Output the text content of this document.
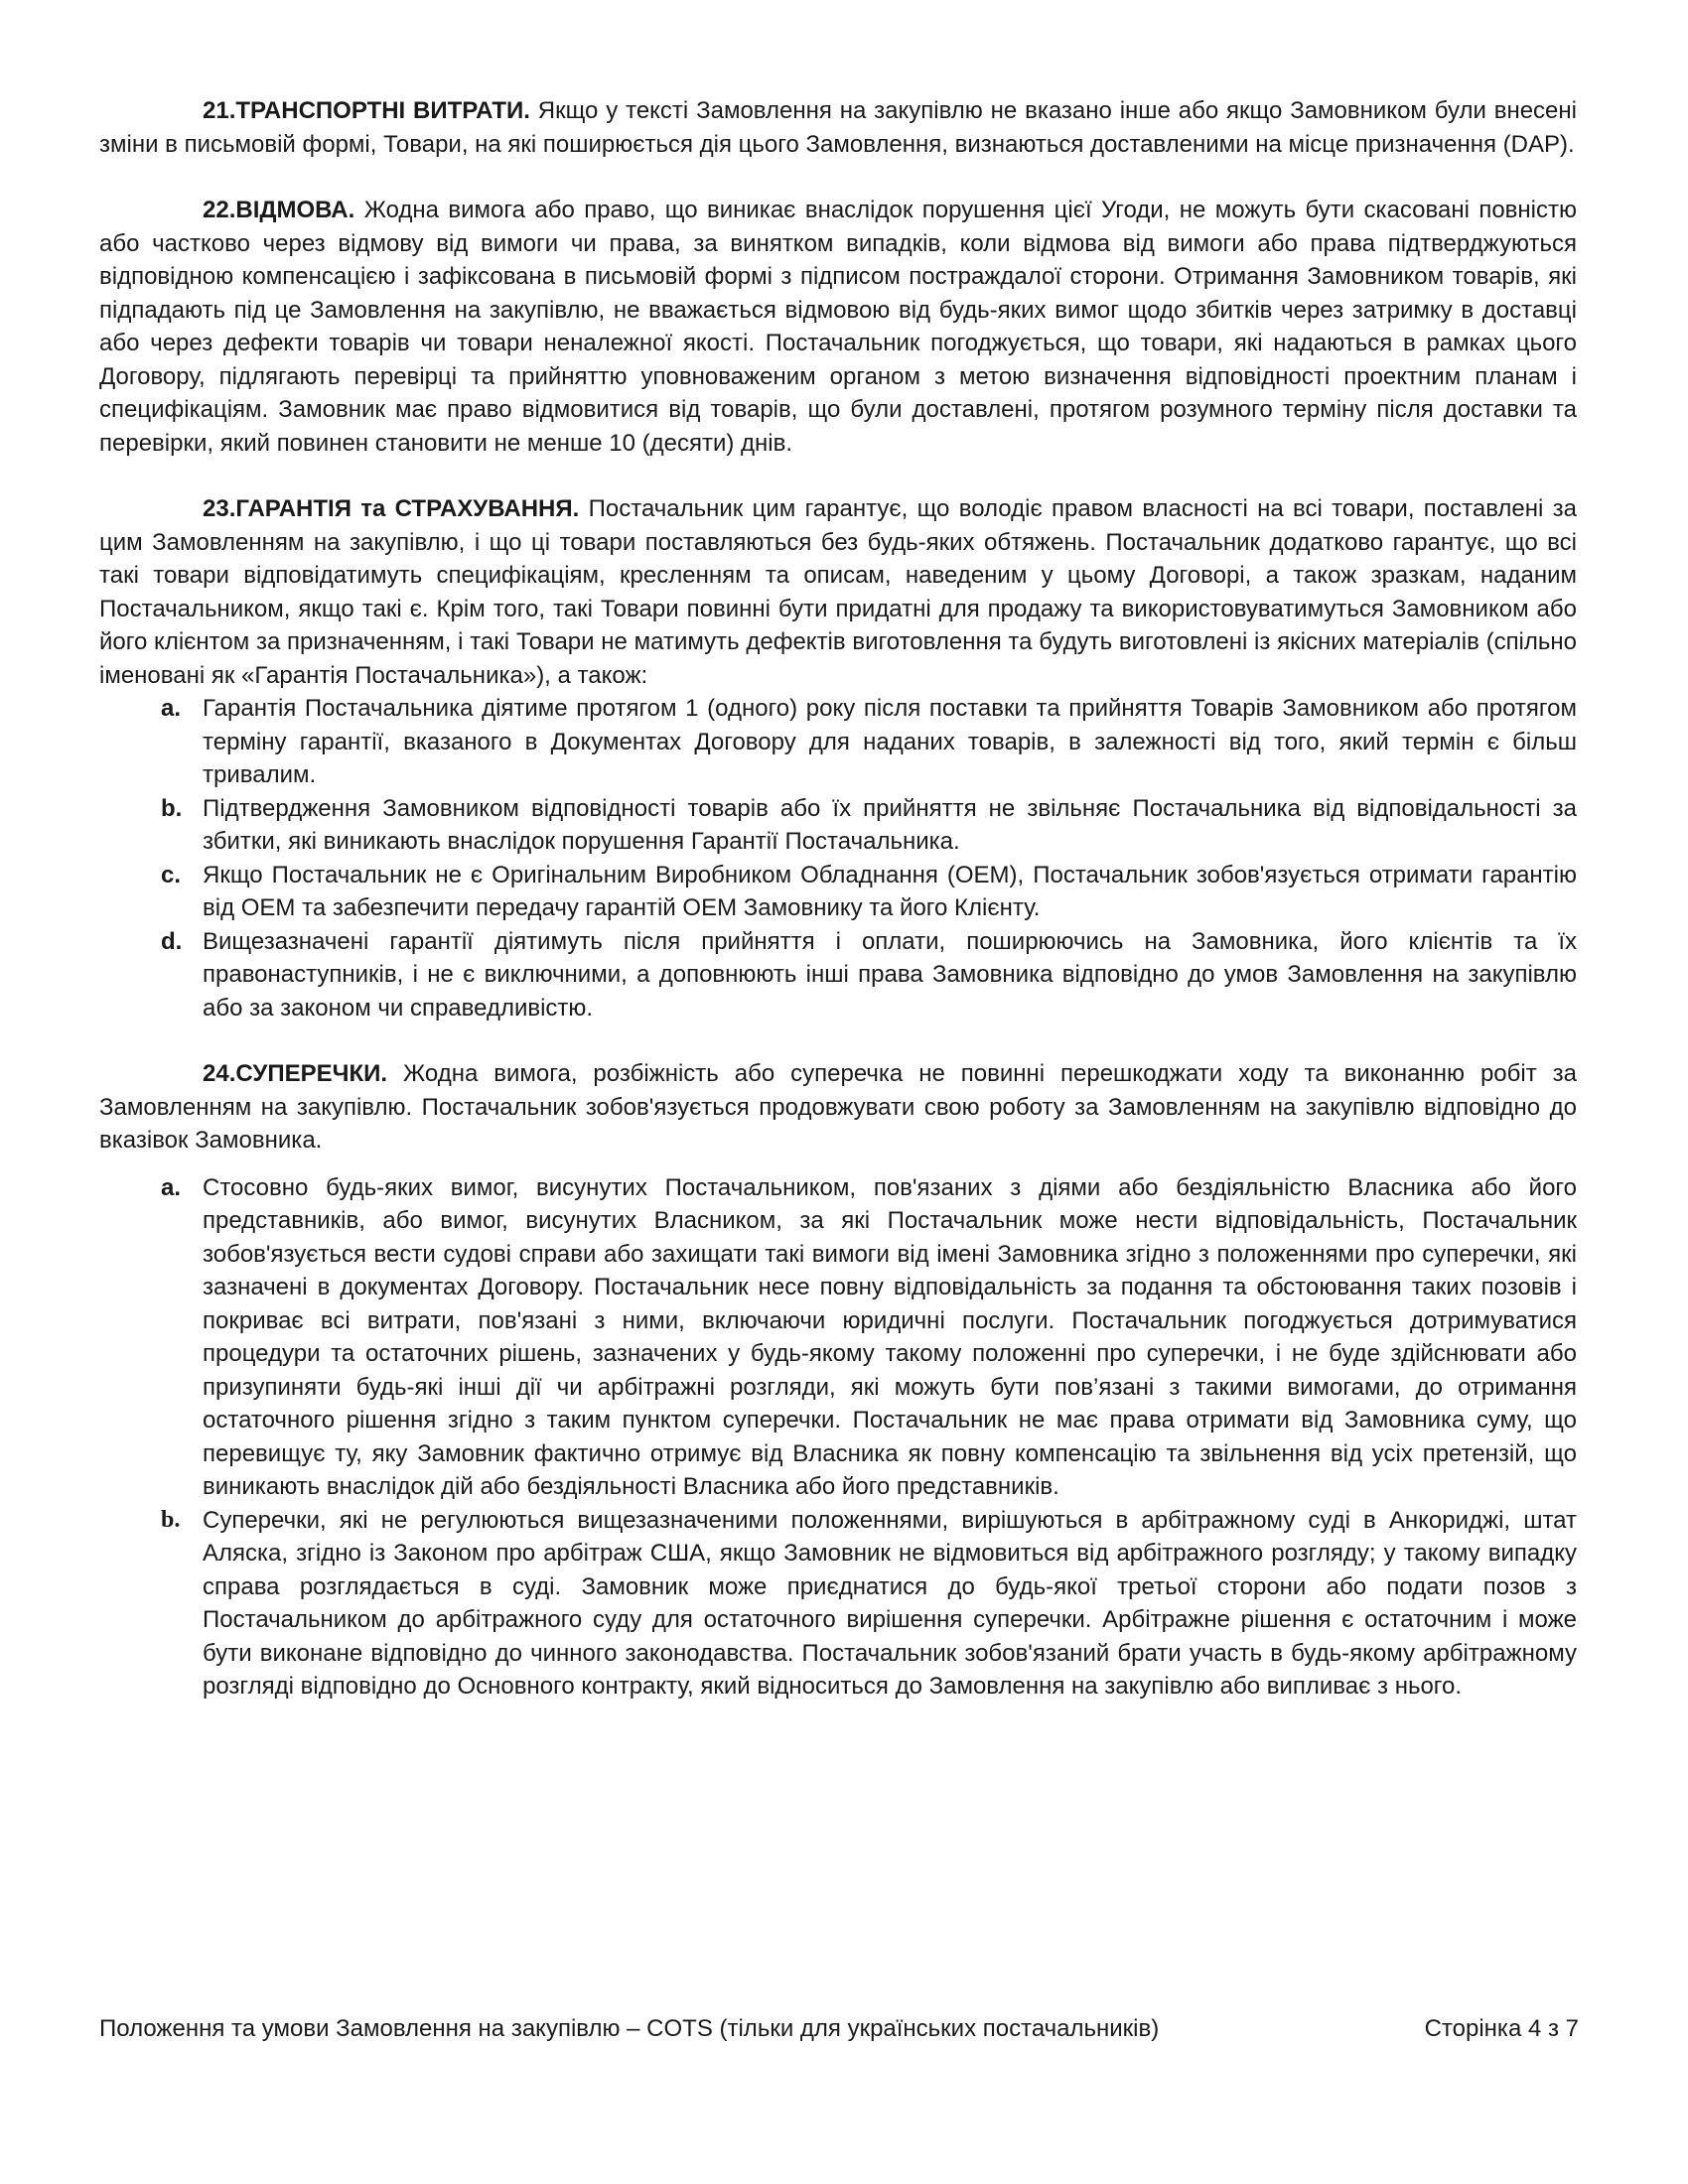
21.ТРАНСПОРТНІ ВИТРАТИ. Якщо у тексті Замовлення на закупівлю не вказано інше або якщо Замовником були внесені зміни в письмовій формі, Товари, на які поширюється дія цього Замовлення, визнаються доставленими на місце призначення (DAP).

22.ВІДМОВА. Жодна вимога або право, що виникає внаслідок порушення цієї Угоди, не можуть бути скасовані повністю або частково через відмову від вимоги чи права, за винятком випадків, коли відмова від вимоги або права підтверджуються відповідною компенсацією і зафіксована в письмовій формі з підписом постраждалої сторони. Отримання Замовником товарів, які підпадають під це Замовлення на закупівлю, не вважається відмовою від будь-яких вимог щодо збитків через затримку в доставці або через дефекти товарів чи товари неналежної якості. Постачальник погоджується, що товари, які надаються в рамках цього Договору, підлягають перевірці та прийняттю уповноваженим органом з метою визначення відповідності проектним планам і специфікаціям. Замовник має право відмовитися від товарів, що були доставлені, протягом розумного терміну після доставки та перевірки, який повинен становити не менше 10 (десяти) днів.

23.ГАРАНТІЯ та СТРАХУВАННЯ. Постачальник цим гарантує, що володіє правом власності на всі товари, поставлені за цим Замовленням на закупівлю, і що ці товари поставляються без будь-яких обтяжень. Постачальник додатково гарантує, що всі такі товари відповідатимуть специфікаціям, кресленням та описам, наведеним у цьому Договорі, а також зразкам, наданим Постачальником, якщо такі є. Крім того, такі Товари повинні бути придатні для продажу та використовуватимуться Замовником або його клієнтом за призначенням, і такі Товари не матимуть дефектів виготовлення та будуть виготовлені із якісних матеріалів (спільно іменовані як «Гарантія Постачальника»), а також:

a. Гарантія Постачальника діятиме протягом 1 (одного) року після поставки та прийняття Товарів Замовником або протягом терміну гарантії, вказаного в Документах Договору для наданих товарів, в залежності від того, який термін є більш тривалим.
b. Підтвердження Замовником відповідності товарів або їх прийняття не звільняє Постачальника від відповідальності за збитки, які виникають внаслідок порушення Гарантії Постачальника.
c. Якщо Постачальник не є Оригінальним Виробником Обладнання (OEM), Постачальник зобов'язується отримати гарантію від OEM та забезпечити передачу гарантій OEM Замовнику та його Клієнту.
d. Вищезазначені гарантії діятимуть після прийняття і оплати, поширюючись на Замовника, його клієнтів та їх правонаступників, і не є виключними, а доповнюють інші права Замовника відповідно до умов Замовлення на закупівлю або за законом чи справедливістю.

24.СУПЕРЕЧКИ. Жодна вимога, розбіжність або суперечка не повинні перешкоджати ходу та виконанню робіт за Замовленням на закупівлю. Постачальник зобов'язується продовжувати свою роботу за Замовленням на закупівлю відповідно до вказівок Замовника.

a. Стосовно будь-яких вимог, висунутих Постачальником, пов'язаних з діями або бездіяльністю Власника або його представників, або вимог, висунутих Власником, за які Постачальник може нести відповідальність, Постачальник зобов'язується вести судові справи або захищати такі вимоги від імені Замовника згідно з положеннями про суперечки, які зазначені в документах Договору. Постачальник несе повну відповідальність за подання та обстоювання таких позовів і покриває всі витрати, пов'язані з ними, включаючи юридичні послуги. Постачальник погоджується дотримуватися процедури та остаточних рішень, зазначених у будь-якому такому положенні про суперечки, і не буде здійснювати або призупиняти будь-які інші дії чи арбітражні розгляди, які можуть бути пов’язані з такими вимогами, до отримання остаточного рішення згідно з таким пунктом суперечки. Постачальник не має права отримати від Замовника суму, що перевищує ту, яку Замовник фактично отримує від Власника як повну компенсацію та звільнення від усіх претензій, що виникають внаслідок дій або бездіяльності Власника або його представників.
b. Суперечки, які не регулюються вищезазначеними положеннями, вирішуються в арбітражному суді в Анкориджі, штат Аляска, згідно із Законом про арбітраж США, якщо Замовник не відмовиться від арбітражного розгляду; у такому випадку справа розглядається в суді. Замовник може приєднатися до будь-якої третьої сторони або подати позов з Постачальником до арбітражного суду для остаточного вирішення суперечки. Арбітражне рішення є остаточним і може бути виконане відповідно до чинного законодавства. Постачальник зобов'язаний брати участь в будь-якому арбітражному розгляді відповідно до Основного контракту, який відноситься до Замовлення на закупівлю або випливає з нього.
Положення та умови Замовлення на закупівлю – COTS (тільки для українських постачальників)	Сторінка 4 з 7
